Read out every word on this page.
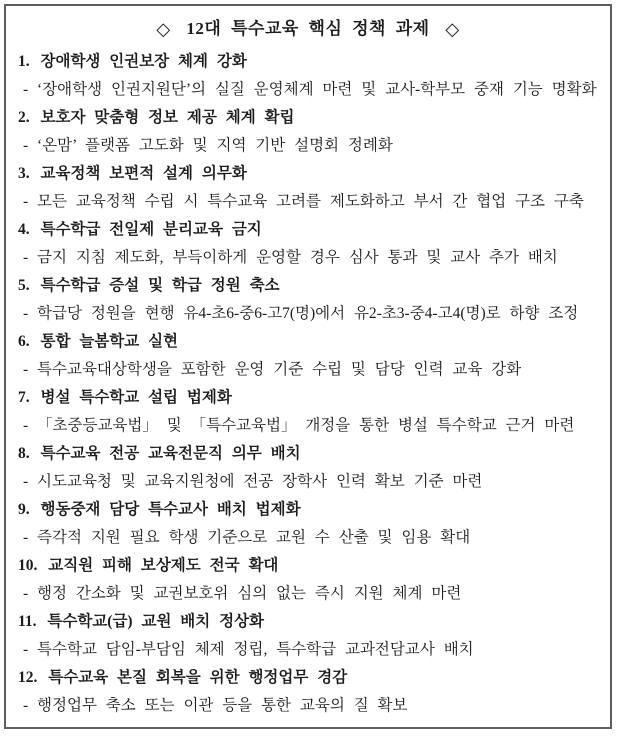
◇ 12대 특수교육 핵심 정책 과제 ◇
1. 장애학생 인권보장 체계 강화
- ‘장애학생 인권지원단’의 실질 운영체계 마련 및 교사-학부모 중재 기능 명확화
2. 보호자 맞춤형 정보 제공 체계 확립
- ‘온맘’ 플랫폼 고도화 및 지역 기반 설명회 정례화
3. 교육정책 보편적 설계 의무화
- 모든 교육정책 수립 시 특수교육 고려를 제도화하고 부서 간 협업 구조 구축
4. 특수학급 전일제 분리교육 금지
- 금지 지침 제도화, 부득이하게 운영할 경우 심사 통과 및 교사 추가 배치
5. 특수학급 증설 및 학급 정원 축소
- 학급당 정원을 현행 유4-초6-중6-고7(명)에서 유2-초3-중4-고4(명)로 하향 조정
6. 통합 늘봄학교 실현
- 특수교육대상학생을 포함한 운영 기준 수립 및 담당 인력 교육 강화
7. 병설 특수학교 설립 법제화
- 「초중등교육법」 및 「특수교육법」 개정을 통한 병설 특수학교 근거 마련
8. 특수교육 전공 교육전문직 의무 배치
- 시도교육청 및 교육지원청에 전공 장학사 인력 확보 기준 마련
9. 행동중재 담당 특수교사 배치 법제화
- 즉각적 지원 필요 학생 기준으로 교원 수 산출 및 임용 확대
10. 교직원 피해 보상제도 전국 확대
- 행정 간소화 및 교권보호위 심의 없는 즉시 지원 체계 마련
11. 특수학교(급) 교원 배치 정상화
- 특수학교 담임-부담임 체제 정립, 특수학급 교과전담교사 배치
12. 특수교육 본질 회복을 위한 행정업무 경감
- 행정업무 축소 또는 이관 등을 통한 교육의 질 확보
